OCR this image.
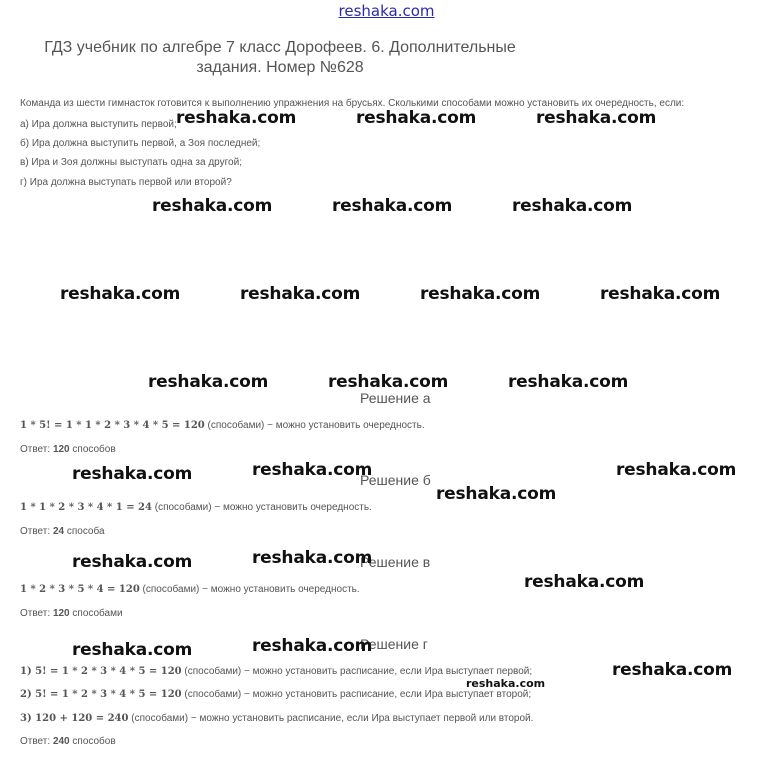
reshaka.com
ГДЗ учебник по алгебре 7 класс Дорофеев. 6. Дополнительные задания. Номер №628
Команда из шести гимнасток готовится к выполнению упражнения на брусьях. Сколькими способами можно установить их очередность, если:
а) Ира должна выступить первой;
б) Ира должна выступить первой, а Зоя последней;
в) Ира и Зоя должны выступать одна за другой;
г) Ира должна выступать первой или второй?
Решение а
1 * 5! = 1 * 1 * 2 * 3 * 4 * 5 = 120 (способами) − можно установить очередность.
Ответ: 120 способов
Решение б
1 * 1 * 2 * 3 * 4 * 1 = 24 (способами) − можно установить очередность.
Ответ: 24 способа
Решение в
1 * 2 * 3 * 5 * 4 = 120 (способами) − можно установить очередность.
Ответ: 120 способами
Решение г
1) 5! = 1 * 2 * 3 * 4 * 5 = 120 (способами) − можно установить расписание, если Ира выступает первой;
2) 5! = 1 * 2 * 3 * 4 * 5 = 120 (способами) − можно установить расписание, если Ира выступает второй;
3) 120 + 120 = 240 (способами) − можно установить расписание, если Ира выступает первой или второй.
Ответ: 240 способов
reshaka.com	reshaka.com	reshaka.com
reshaka.com	reshaka.com	reshaka.com
reshaka.com	reshaka.com	reshaka.com	reshaka.com
reshaka.com	reshaka.com	reshaka.com
reshaka.com	reshaka.com	reshaka.com
reshaka.com
reshaka.com	reshaka.com
reshaka.com
reshaka.com	reshaka.com
reshaka.com
reshaka.com
